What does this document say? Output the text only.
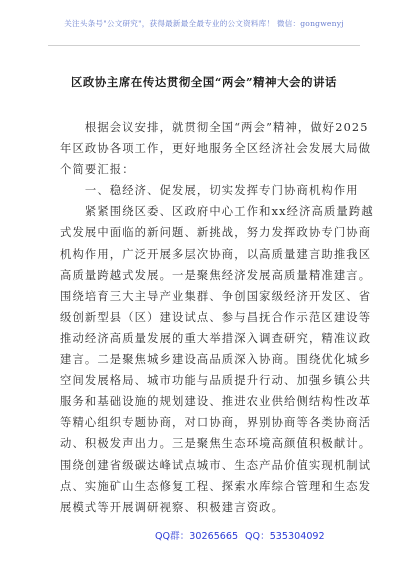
关注头条号"公文研究"，获得最新最全最专业的公文资料库！ 微信：gongwenyj
区政协主席在传达贯彻全国“两会”精神大会的讲话
　　根据会议安排，就贯彻全国“两会”精神，做好2025
年区政协各项工作，更好地服务全区经济社会发展大局做
个简要汇报：
　　一、稳经济、促发展，切实发挥专门协商机构作用
　　紧紧围绕区委、区政府中心工作和xx经济高质量跨越
式发展中面临的新问题、新挑战，努力发挥政协专门协商
机构作用，广泛开展多层次协商，以高质量建言助推我区
高质量跨越式发展。一是聚焦经济发展高质量精准建言。
围绕培育三大主导产业集群、争创国家级经济开发区、省
级创新型县（区）建设试点、参与昌抚合作示范区建设等
推动经济高质量发展的重大举措深入调查研究，精准议政
建言。二是聚焦城乡建设高品质深入协商。围绕优化城乡
空间发展格局、城市功能与品质提升行动、加强乡镇公共
服务和基础设施的规划建设、推进农业供给侧结构性改革
等精心组织专题协商，对口协商，界别协商等各类协商活
动、积极发声出力。三是聚焦生态环境高颜值积极献计。
围绕创建省级碳达峰试点城市、生态产品价值实现机制试
点、实施矿山生态修复工程、探索水库综合管理和生态发
展模式等开展调研视察、积极建言资政。
QQ群：30265665 QQ：535304092
